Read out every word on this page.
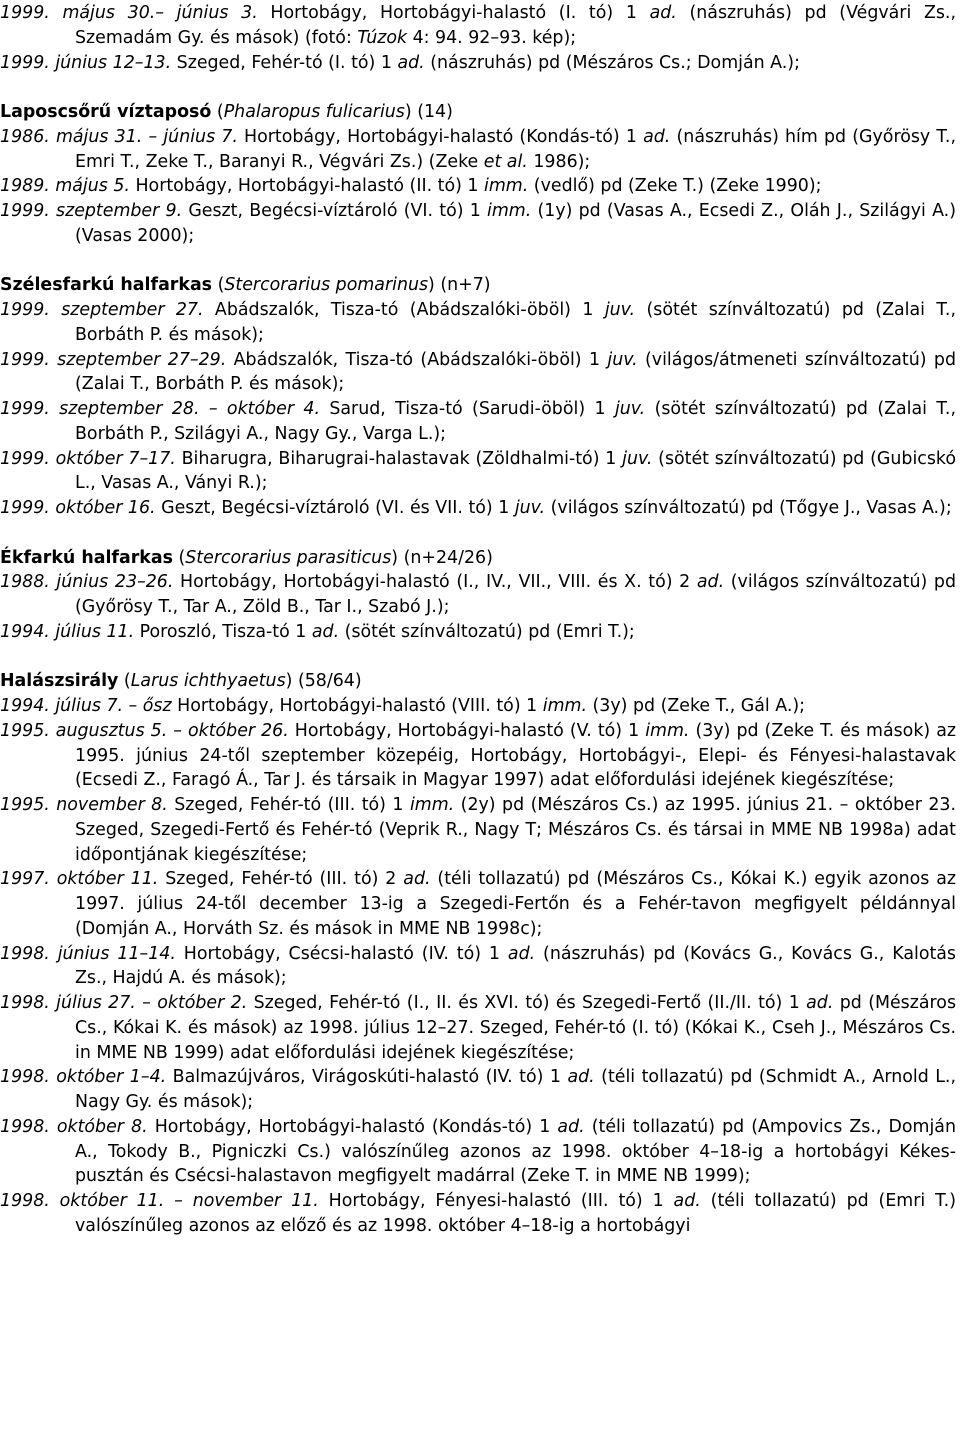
1999. május 30.– június 3. Hortobágy, Hortobágyi-halastó (I. tó) 1 ad. (nászruhás) pd (Végvári Zs., Szemadám Gy. és mások) (fotó: Túzok 4: 94. 92–93. kép);

1999. június 12–13. Szeged, Fehér-tó (I. tó) 1 ad. (nászruhás) pd (Mészáros Cs.; Domján A.);

Laposcsőrű víztaposó (Phalaropus fulicarius) (14)

1986. május 31. – június 7. Hortobágy, Hortobágyi-halastó (Kondás-tó) 1 ad. (nászruhás) hím pd (Győrösy T., Emri T., Zeke T., Baranyi R., Végvári Zs.) (Zeke et al. 1986);

1989. május 5. Hortobágy, Hortobágyi-halastó (II. tó) 1 imm. (vedlő) pd (Zeke T.) (Zeke 1990);

1999. szeptember 9. Geszt, Begécsi-víztároló (VI. tó) 1 imm. (1y) pd (Vasas A., Ecsedi Z., Oláh J., Szilágyi A.) (Vasas 2000);

Szélesfarkú halfarkas (Stercorarius pomarinus) (n+7)

1999. szeptember 27. Abádszalók, Tisza-tó (Abádszalóki-öböl) 1 juv. (sötét színváltozatú) pd (Zalai T., Borbáth P. és mások);

1999. szeptember 27–29. Abádszalók, Tisza-tó (Abádszalóki-öböl) 1 juv. (világos/átmeneti színváltozatú) pd (Zalai T., Borbáth P. és mások);

1999. szeptember 28. – október 4. Sarud, Tisza-tó (Sarudi-öböl) 1 juv. (sötét színváltozatú) pd (Zalai T., Borbáth P., Szilágyi A., Nagy Gy., Varga L.);

1999. október 7–17. Biharugra, Biharugrai-halastavak (Zöldhalmi-tó) 1 juv. (sötét színváltozatú) pd (Gubicskó L., Vasas A., Ványi R.);

1999. október 16. Geszt, Begécsi-víztároló (VI. és VII. tó) 1 juv. (világos színváltozatú) pd (Tőgye J., Vasas A.);

Ékfarkú halfarkas (Stercorarius parasiticus) (n+24/26)

1988. június 23–26. Hortobágy, Hortobágyi-halastó (I., IV., VII., VIII. és X. tó) 2 ad. (világos színváltozatú) pd (Győrösy T., Tar A., Zöld B., Tar I., Szabó J.);

1994. július 11. Poroszló, Tisza-tó 1 ad. (sötét színváltozatú) pd (Emri T.);

Halászsirály (Larus ichthyaetus) (58/64)

1994. július 7. – ősz Hortobágy, Hortobágyi-halastó (VIII. tó) 1 imm. (3y) pd (Zeke T., Gál A.);

1995. augusztus 5. – október 26. Hortobágy, Hortobágyi-halastó (V. tó) 1 imm. (3y) pd (Zeke T. és mások) az 1995. június 24-től szeptember közepéig, Hortobágy, Hortobágyi-, Elepi- és Fényesi-halastavak (Ecsedi Z., Faragó Á., Tar J. és társaik in Magyar 1997) adat előfordulási idejének kiegészítése;

1995. november 8. Szeged, Fehér-tó (III. tó) 1 imm. (2y) pd (Mészáros Cs.) az 1995. június 21. – október 23. Szeged, Szegedi-Fertő és Fehér-tó (Veprik R., Nagy T; Mészáros Cs. és társai in MME NB 1998a) adat időpontjának kiegészítése;

1997. október 11. Szeged, Fehér-tó (III. tó) 2 ad. (téli tollazatú) pd (Mészáros Cs., Kókai K.) egyik azonos az 1997. július 24-től december 13-ig a Szegedi-Fertőn és a Fehér-tavon megfigyelt példánnyal (Domján A., Horváth Sz. és mások in MME NB 1998c);

1998. június 11–14. Hortobágy, Csécsi-halastó (IV. tó) 1 ad. (nászruhás) pd (Kovács G., Kovács G., Kalotás Zs., Hajdú A. és mások);

1998. július 27. – október 2. Szeged, Fehér-tó (I., II. és XVI. tó) és Szegedi-Fertő (II./II. tó) 1 ad. pd (Mészáros Cs., Kókai K. és mások) az 1998. július 12–27. Szeged, Fehér-tó (I. tó) (Kókai K., Cseh J., Mészáros Cs. in MME NB 1999) adat előfordulási idejének kiegészítése;

1998. október 1–4. Balmazújváros, Virágoskúti-halastó (IV. tó) 1 ad. (téli tollazatú) pd (Schmidt A., Arnold L., Nagy Gy. és mások);

1998. október 8. Hortobágy, Hortobágyi-halastó (Kondás-tó) 1 ad. (téli tollazatú) pd (Ampovics Zs., Domján A., Tokody B., Pigniczki Cs.) valószínűleg azonos az 1998. október 4–18-ig a hortobágyi Kékes-pusztán és Csécsi-halastavon megfigyelt madárral (Zeke T. in MME NB 1999);

1998. október 11. – november 11. Hortobágy, Fényesi-halastó (III. tó) 1 ad. (téli tollazatú) pd (Emri T.) valószínűleg azonos az előző és az 1998. október 4–18-ig a hortobágyi
